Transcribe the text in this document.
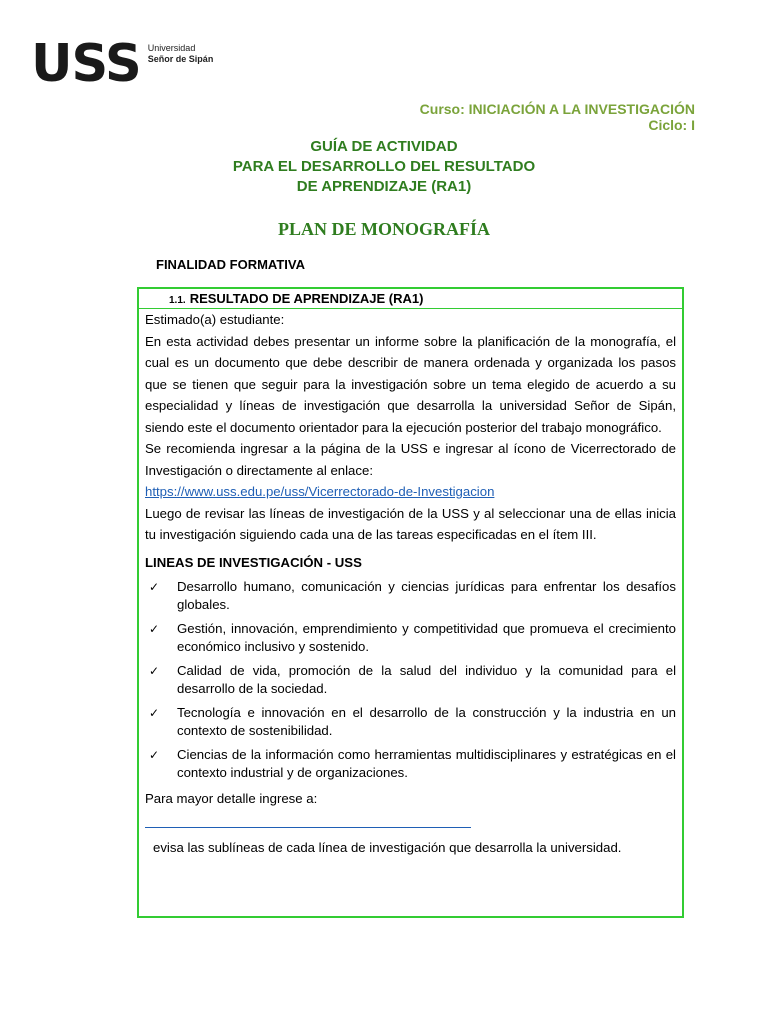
USS Universidad
Señor de Sipán
Curso: INICIACIÓN A LA INVESTIGACIÓN
Ciclo: I
GUÍA DE ACTIVIDAD
PARA EL DESARROLLO DEL RESULTADO
DE APRENDIZAJE (RA1)
PLAN DE MONOGRAFÍA
FINALIDAD FORMATIVA
1.1. RESULTADO DE APRENDIZAJE (RA1)

Estimado(a) estudiante:

En esta actividad debes presentar un informe sobre la planificación de la monografía, el cual es un documento que debe describir de manera ordenada y organizada los pasos que se tienen que seguir para la investigación sobre un tema elegido de acuerdo a su especialidad y líneas de investigación que desarrolla la universidad Señor de Sipán, siendo este el documento orientador para la ejecución posterior del trabajo monográfico.

Se recomienda ingresar a la página de la USS e ingresar al ícono de Vicerrectorado de Investigación o directamente al enlace:

https://www.uss.edu.pe/uss/Vicerrectorado-de-Investigacion

Luego de revisar las líneas de investigación de la USS y al seleccionar una de ellas inicia tu investigación siguiendo cada una de las tareas especificadas en el ítem III.

LINEAS DE INVESTIGACIÓN - USS

✓	Desarrollo humano, comunicación y ciencias jurídicas para enfrentar los desafíos globales.
✓	Gestión, innovación, emprendimiento y competitividad que promueva el crecimiento económico inclusivo y sostenido.
✓	Calidad de vida, promoción de la salud del individuo y la comunidad para el desarrollo de la sociedad.
✓	Tecnología e innovación en el desarrollo de la construcción y la industria en un contexto de sostenibilidad.
✓	Ciencias de la información como herramientas multidisciplinares y estratégicas en el contexto industrial y de organizaciones.

Para mayor detalle ingrese a:

evisa las sublíneas de cada línea de investigación que desarrolla la universidad.
